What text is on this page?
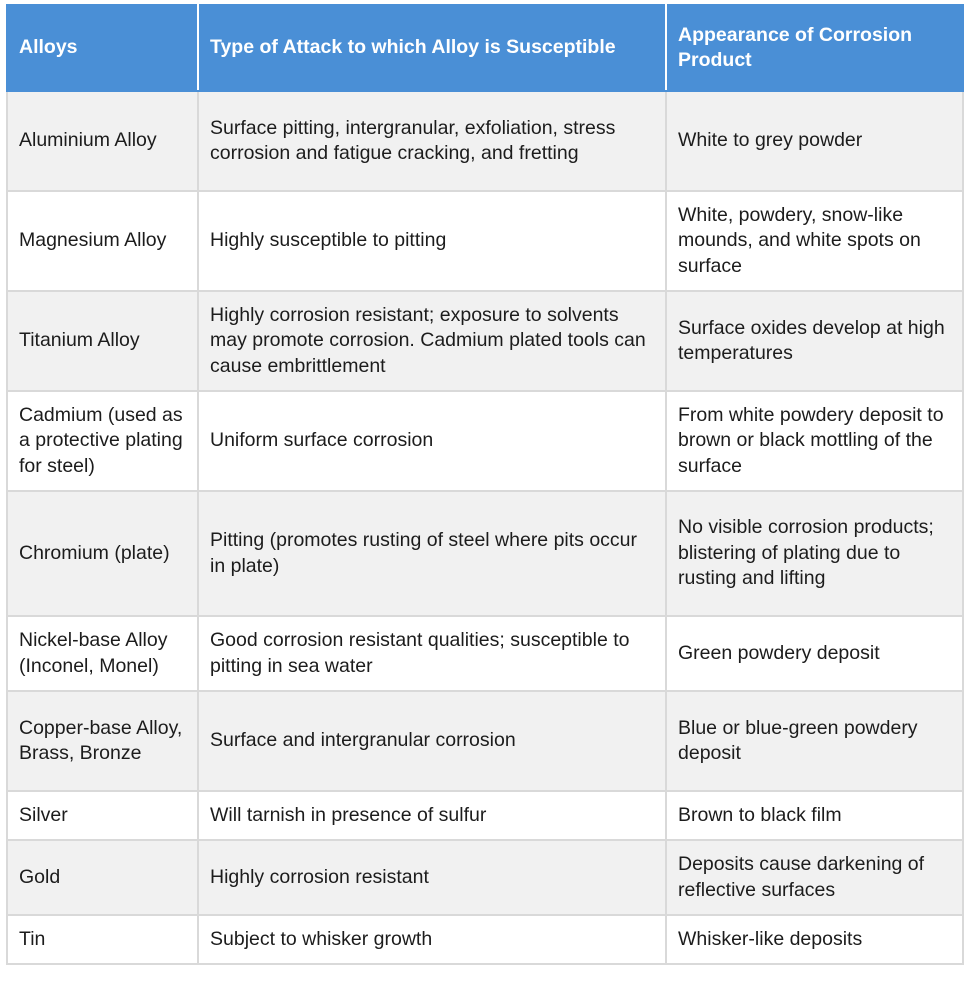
Alloys	Type of Attack to which Alloy is Susceptible	Appearance of Corrosion Product
Aluminium Alloy	Surface pitting, intergranular, exfoliation, stress corrosion and fatigue cracking, and fretting	White to grey powder
Magnesium Alloy	Highly susceptible to pitting	White, powdery, snow-like mounds, and white spots on surface
Titanium Alloy	Highly corrosion resistant; exposure to solvents may promote corrosion. Cadmium plated tools can cause embrittlement	Surface oxides develop at high temperatures
Cadmium (used as a protective plating for steel)	Uniform surface corrosion	From white powdery deposit to brown or black mottling of the surface
Chromium (plate)	Pitting (promotes rusting of steel where pits occur in plate)	No visible corrosion products; blistering of plating due to rusting and lifting
Nickel-base Alloy (Inconel, Monel)	Good corrosion resistant qualities; susceptible to pitting in sea water	Green powdery deposit
Copper-base Alloy, Brass, Bronze	Surface and intergranular corrosion	Blue or blue-green powdery deposit
Silver	Will tarnish in presence of sulfur	Brown to black film
Gold	Highly corrosion resistant	Deposits cause darkening of reflective surfaces
Tin	Subject to whisker growth	Whisker-like deposits
